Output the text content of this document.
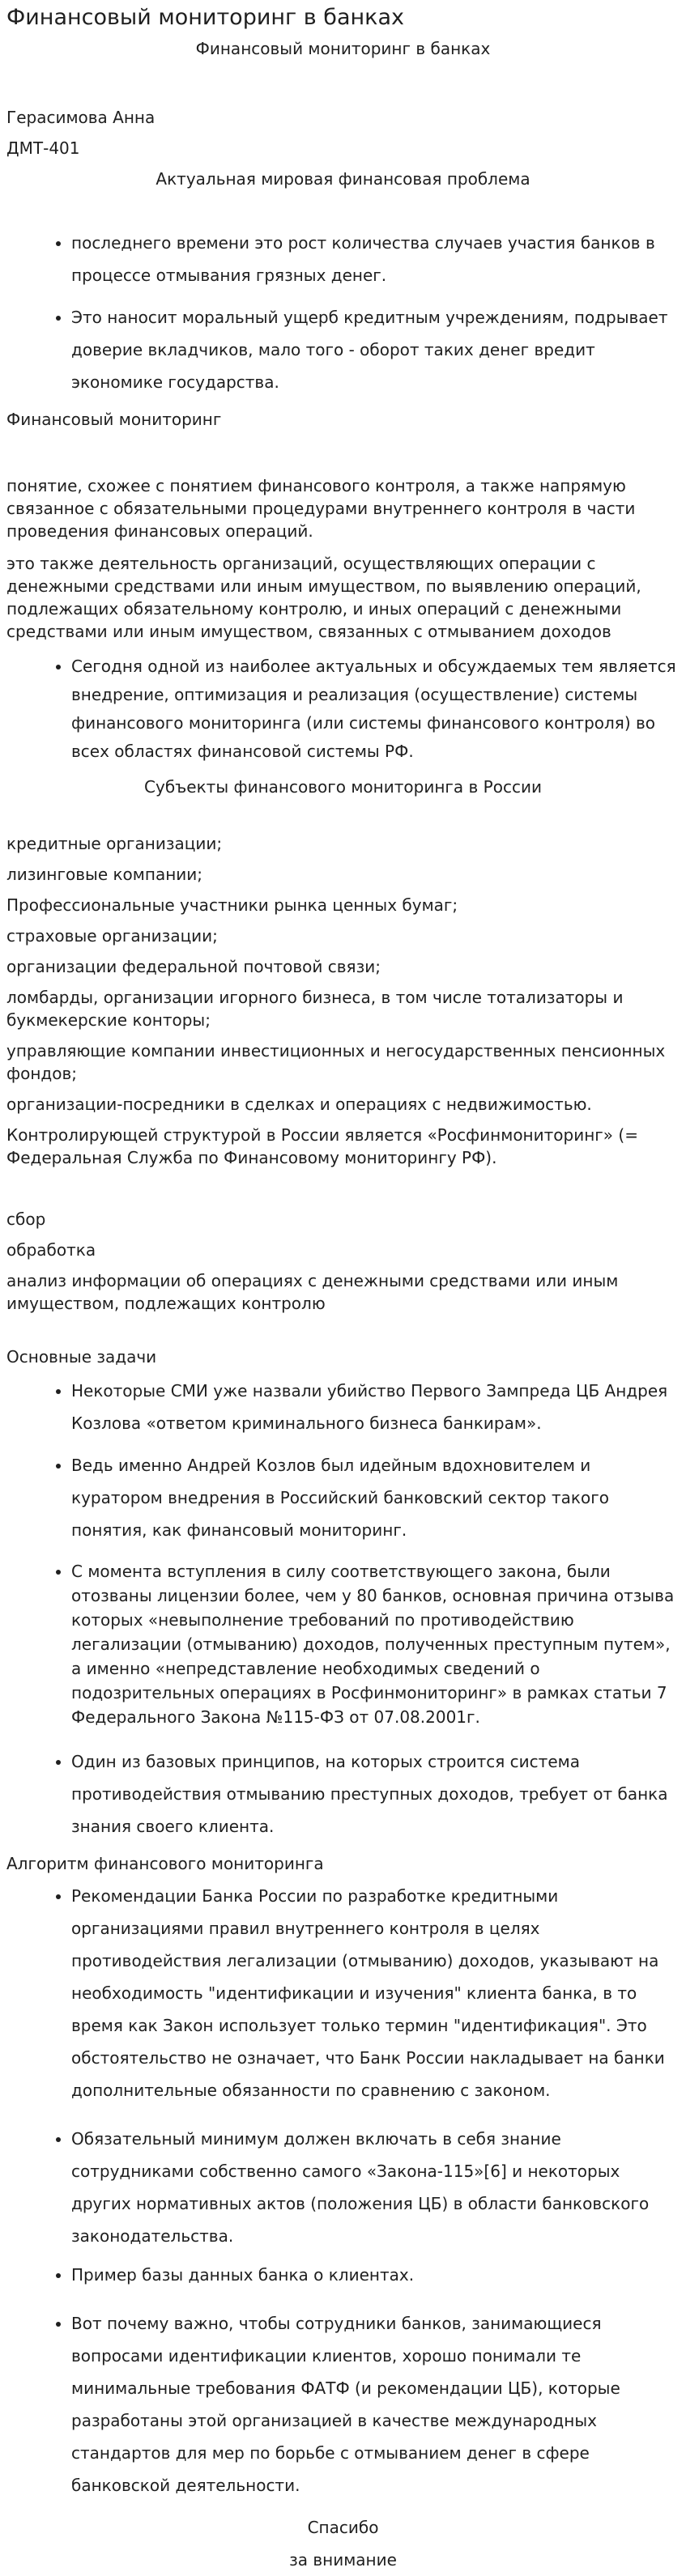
Финансовый мониторинг в банках

Финансовый мониторинг в банках

Герасимова Анна

ДМТ-401

Актуальная мировая финансовая проблема

• последнего времени это рост количества случаев участия банков в процессе отмывания грязных денег.
• Это наносит моральный ущерб кредитным учреждениям, подрывает доверие вкладчиков, мало того - оборот таких денег вредит экономике государства.

Финансовый мониторинг

понятие, схожее с понятием финансового контроля, а также напрямую связанное с обязательными процедурами внутреннего контроля в части проведения финансовых операций.

это также деятельность организаций, осуществляющих операции с денежными средствами или иным имуществом, по выявлению операций, подлежащих обязательному контролю, и иных операций с денежными средствами или иным имуществом, связанных с отмыванием доходов

• Сегодня одной из наиболее актуальных и обсуждаемых тем является внедрение, оптимизация и реализация (осуществление) системы финансового мониторинга (или системы финансового контроля) во всех областях финансовой системы РФ.

Субъекты финансового мониторинга в России

кредитные организации;

лизинговые компании;

Профессиональные участники рынка ценных бумаг;

страховые организации;

организации федеральной почтовой связи;

ломбарды, организации игорного бизнеса, в том числе тотализаторы и букмекерские конторы;

управляющие компании инвестиционных и негосударственных пенсионных фондов;

организации-посредники в сделках и операциях с недвижимостью.

Контролирующей структурой в России является «Росфинмониторинг» (= Федеральная Служба по Финансовому мониторингу РФ).

сбор

обработка

анализ информации об операциях с денежными средствами или иным имуществом, подлежащих контролю

Основные задачи

• Некоторые СМИ уже назвали убийство Первого Зампреда ЦБ Андрея Козлова «ответом криминального бизнеса банкирам».
• Ведь именно Андрей Козлов был идейным вдохновителем и куратором внедрения в Российский банковский сектор такого понятия, как финансовый мониторинг.
• С момента вступления в силу соответствующего закона, были отозваны лицензии более, чем у 80 банков, основная причина отзыва которых «невыполнение требований по противодействию легализации (отмыванию) доходов, полученных преступным путем», а именно «непредставление необходимых сведений о подозрительных операциях в Росфинмониторинг» в рамках статьи 7 Федерального Закона №115-ФЗ от 07.08.2001г.
• Один из базовых принципов, на которых строится система противодействия отмыванию преступных доходов, требует от банка знания своего клиента.

Алгоритм финансового мониторинга

• Рекомендации Банка России по разработке кредитными организациями правил внутреннего контроля в целях противодействия легализации (отмыванию) доходов, указывают на необходимость "идентификации и изучения" клиента банка, в то время как Закон использует только термин "идентификация". Это обстоятельство не означает, что Банк России накладывает на банки дополнительные обязанности по сравнению с законом.
• Обязательный минимум должен включать в себя знание сотрудниками собственно самого «Закона-115»[6] и некоторых других нормативных актов (положения ЦБ) в области банковского законодательства.
• Пример базы данных банка о клиентах.
• Вот почему важно, чтобы сотрудники банков, занимающиеся вопросами идентификации клиентов, хорошо понимали те минимальные требования ФАТФ (и рекомендации ЦБ), которые разработаны этой организацией в качестве международных стандартов для мер по борьбе с отмыванием денег в сфере банковской деятельности.

Спасибо

за внимание
